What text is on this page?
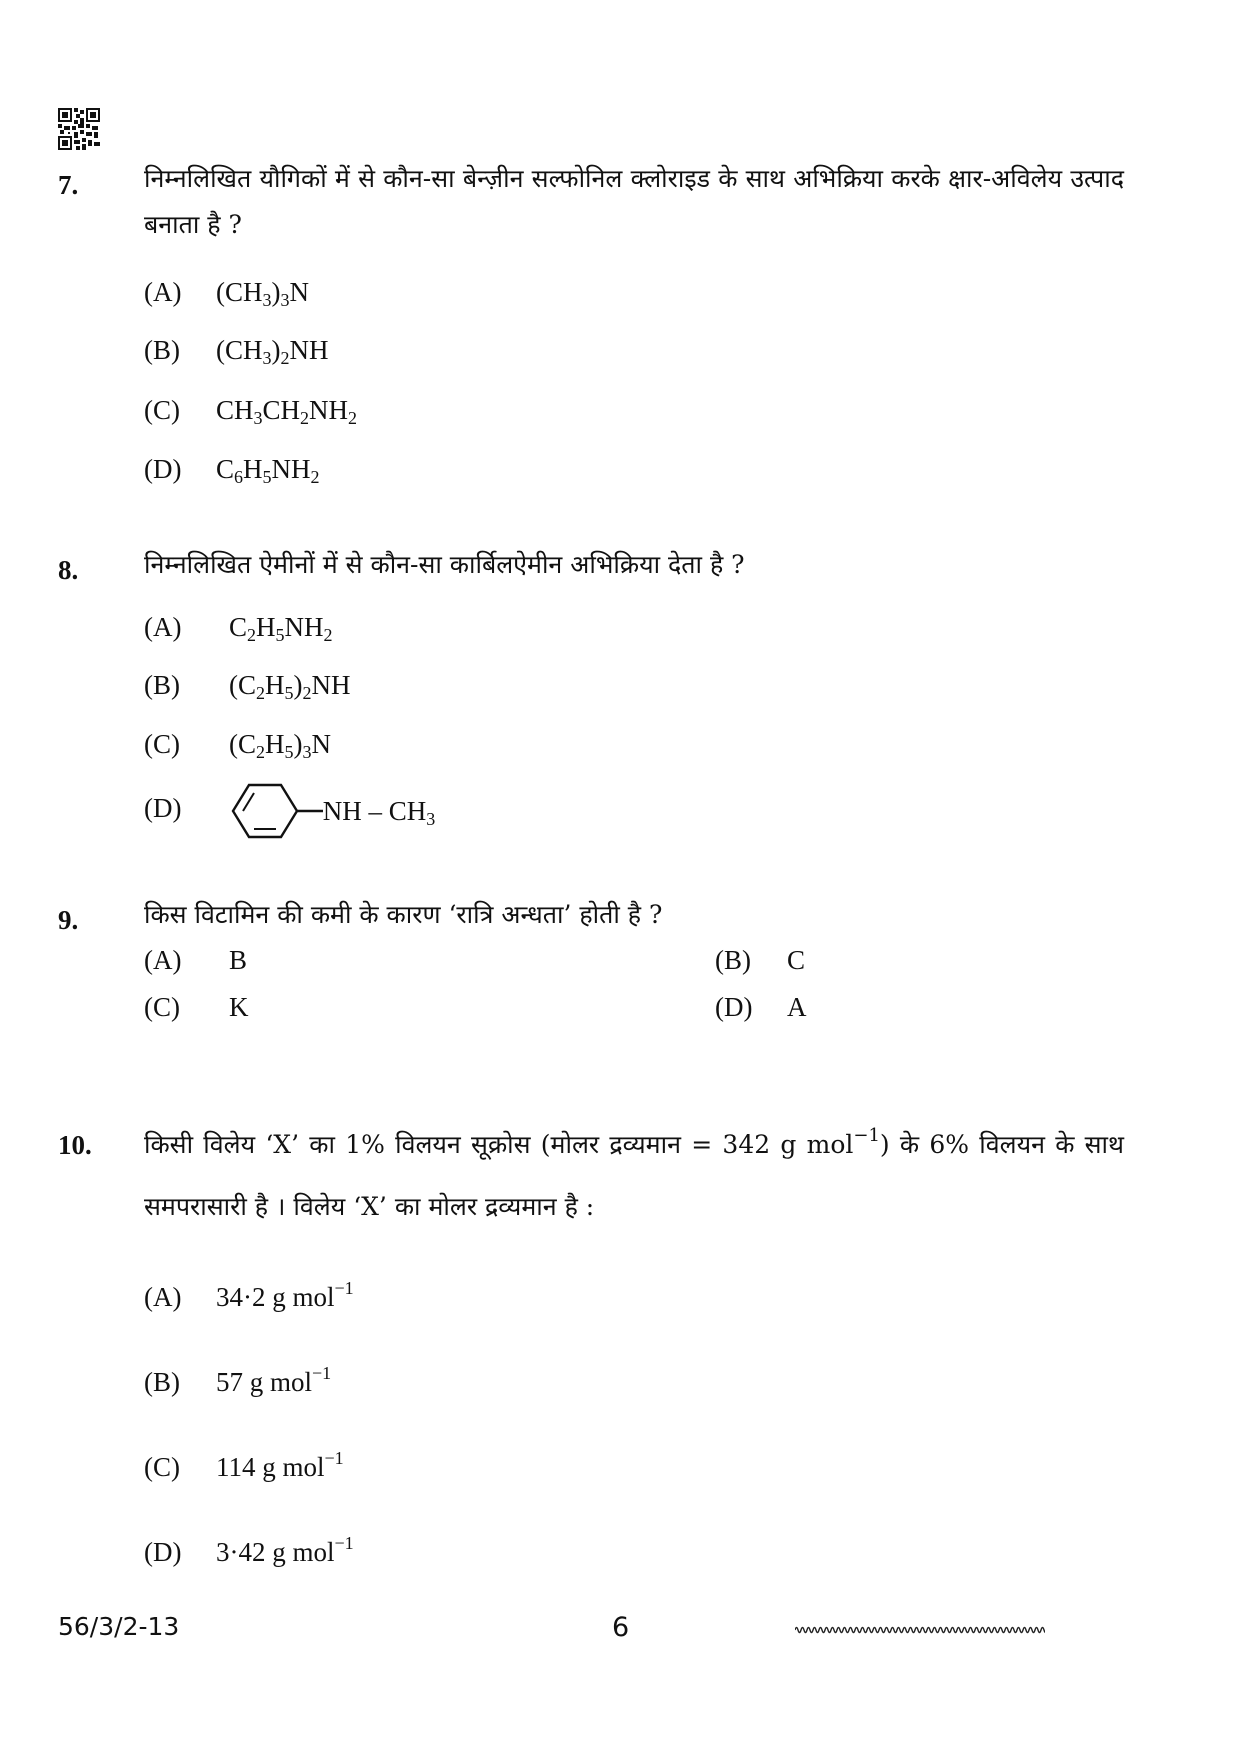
7.	निम्नलिखित यौगिकों में से कौन-सा बेन्ज़ीन सल्फोनिल क्लोराइड के साथ अभिक्रिया करके क्षार-अविलेय उत्पाद बनाता है ?
(A) $(CH_3)_3N$
(B) $(CH_3)_2NH$
(C) $CH_3CH_2NH_2$
(D) $C_6H_5NH_2$
8.	निम्नलिखित ऐमीनों में से कौन-सा कार्बिलऐमीन अभिक्रिया देता है ?
(A) $C_2H_5NH_2$
(B) $(C_2H_5)_2NH$
(C) $(C_2H_5)_3N$
(D)	NH – $CH_3$
9.	किस विटामिन की कमी के कारण ‘रात्रि अन्धता’ होती है ?
(A) B	(B) C
(C) K	(D) A
10. किसी विलेय ‘X’ का 1% विलयन सूक्रोस (मोलर द्रव्यमान = 342 g mol$^{-1}$) के 6% विलयन के साथ समपरासारी है । विलेय ‘X’ का मोलर द्रव्यमान है :
(A) 34·2 g mol$^{-1}$
(B) 57 g mol$^{-1}$
(C) 114 g mol$^{-1}$
(D) 3·42 g mol$^{-1}$
56/3/2-13	6
